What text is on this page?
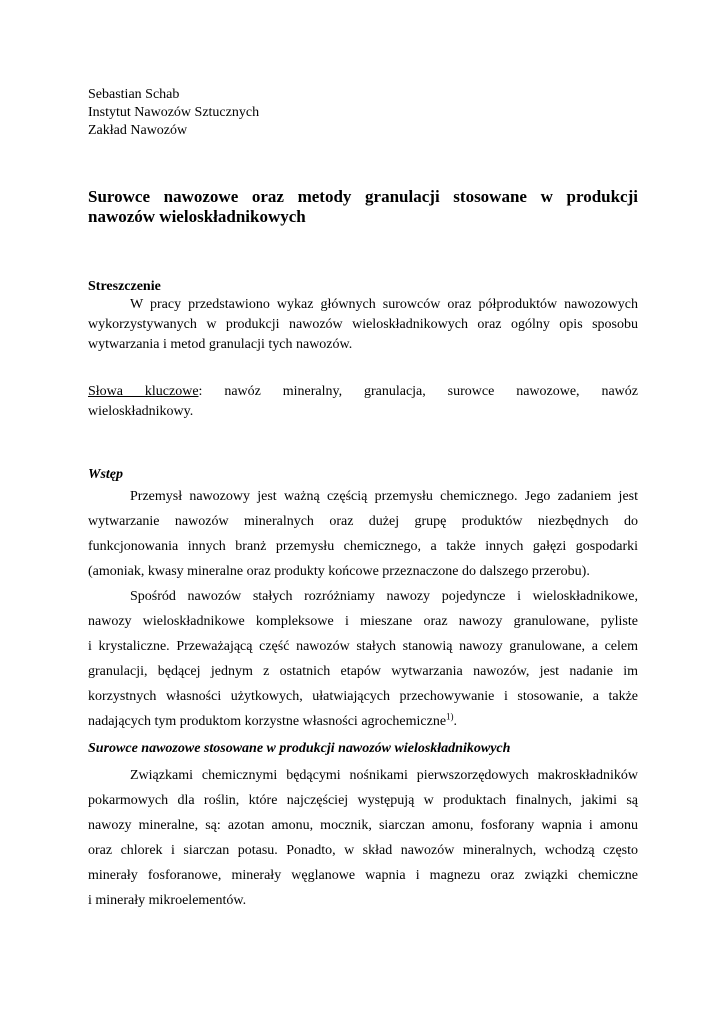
Sebastian Schab
Instytut Nawozów Sztucznych
Zakład Nawozów
Surowce nawozowe oraz metody granulacji stosowane w produkcji
nawozów wieloskładnikowych
Streszczenie
W pracy przedstawiono wykaz głównych surowców oraz półproduktów nawozowych
wykorzystywanych w produkcji nawozów wieloskładnikowych oraz ogólny opis sposobu
wytwarzania i metod granulacji tych nawozów.
Słowa kluczowe: nawóz mineralny, granulacja, surowce nawozowe, nawóz
wieloskładnikowy.
Wstęp
Przemysł nawozowy jest ważną częścią przemysłu chemicznego. Jego zadaniem jest
wytwarzanie nawozów mineralnych oraz dużej grupę produktów niezbędnych do
funkcjonowania innych branż przemysłu chemicznego, a także innych gałęzi gospodarki
(amoniak, kwasy mineralne oraz produkty końcowe przeznaczone do dalszego przerobu).
Spośród nawozów stałych rozróżniamy nawozy pojedyncze i wieloskładnikowe,
nawozy wieloskładnikowe kompleksowe i mieszane oraz nawozy granulowane, pyliste
i krystaliczne. Przeważającą część nawozów stałych stanowią nawozy granulowane, a celem
granulacji, będącej jednym z ostatnich etapów wytwarzania nawozów, jest nadanie im
korzystnych własności użytkowych, ułatwiających przechowywanie i stosowanie, a także
nadających tym produktom korzystne własności agrochemiczne$^{1)}$.
Surowce nawozowe stosowane w produkcji nawozów wieloskładnikowych
Związkami chemicznymi będącymi nośnikami pierwszorzędowych makroskładników
pokarmowych dla roślin, które najczęściej występują w produktach finalnych, jakimi są
nawozy mineralne, są: azotan amonu, mocznik, siarczan amonu, fosforany wapnia i amonu
oraz chlorek i siarczan potasu. Ponadto, w skład nawozów mineralnych, wchodzą często
minerały fosforanowe, minerały węglanowe wapnia i magnezu oraz związki chemiczne
i minerały mikroelementów.
